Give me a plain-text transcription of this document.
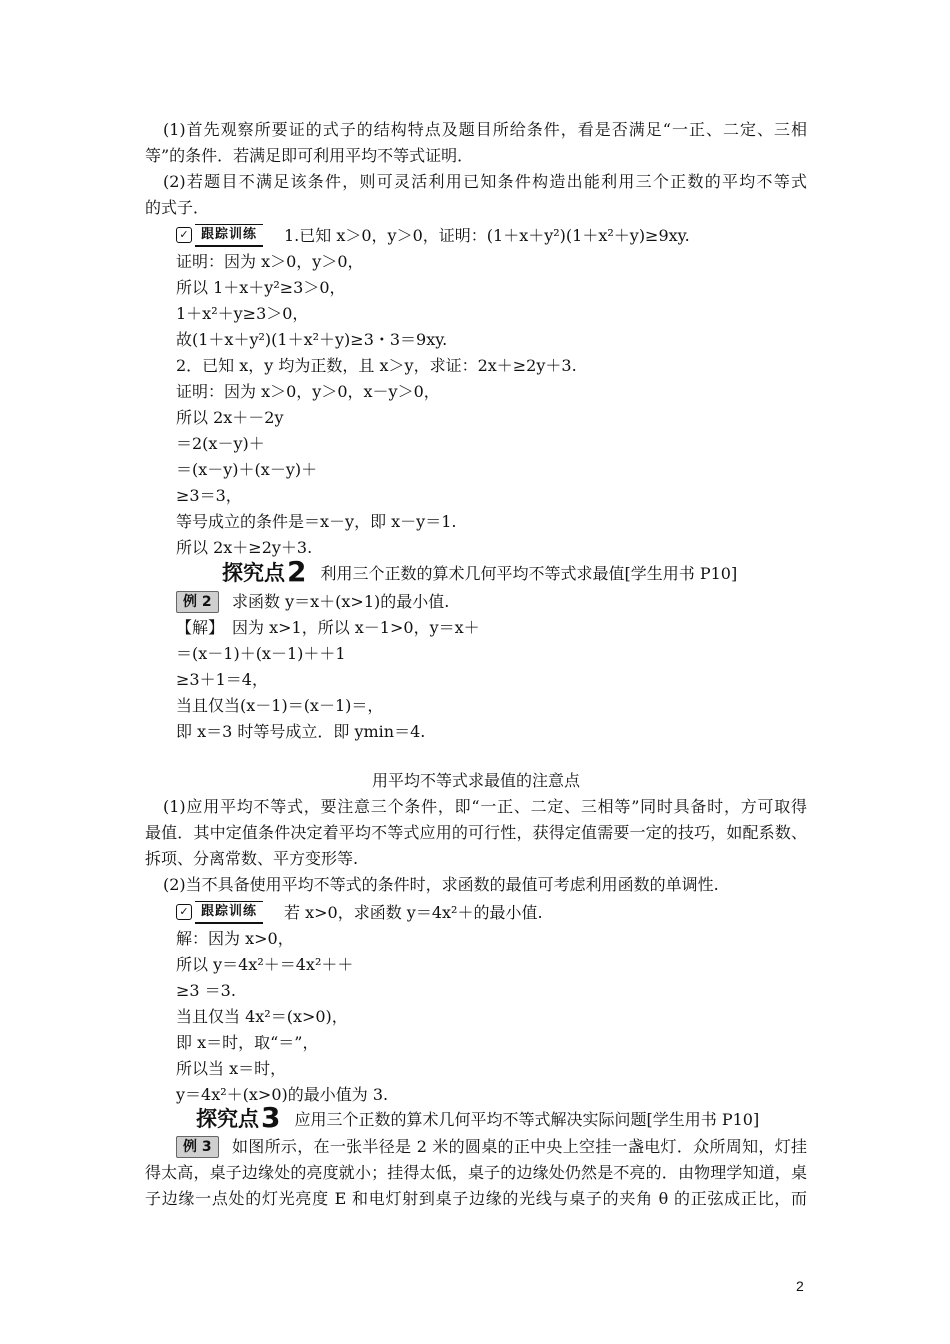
(1)首先观察所要证的式子的结构特点及题目所给条件，看是否满足“一正、二定、三相
等”的条件．若满足即可利用平均不等式证明．
(2)若题目不满足该条件，则可灵活利用已知条件构造出能利用三个正数的平均不等式
的式子．
✓ 跟踪训练	1.已知 x＞0，y＞0，证明：(1＋x＋y²)(1＋x²＋y)≥9xy.
证明：因为 x＞0，y＞0，
所以 1＋x＋y²≥3＞0，
1＋x²＋y≥3＞0，
故(1＋x＋y²)(1＋x²＋y)≥3・3＝9xy.
2．已知 x，y 均为正数，且 x＞y，求证：2x＋≥2y＋3.
证明：因为 x＞0，y＞0，x－y＞0，
所以 2x＋－2y
＝2(x－y)＋
＝(x－y)＋(x－y)＋
≥3＝3，
等号成立的条件是＝x－y，即 x－y＝1.
所以 2x＋≥2y＋3.
探究点 2 利用三个正数的算术几何平均不等式求最值[学生用书 P10]
例 2	求函数 y＝x＋(x>1)的最小值.
【解】　因为 x>1，所以 x－1>0，y＝x＋
＝(x－1)＋(x－1)＋＋1
≥3＋1＝4，
当且仅当(x－1)＝(x－1)＝，
即 x＝3 时等号成立．即 ymin＝4.
用平均不等式求最值的注意点
(1)应用平均不等式，要注意三个条件，即“一正、二定、三相等”同时具备时，方可取得
最值．其中定值条件决定着平均不等式应用的可行性，获得定值需要一定的技巧，如配系数、
拆项、分离常数、平方变形等.
(2)当不具备使用平均不等式的条件时，求函数的最值可考虑利用函数的单调性.
✓ 跟踪训练	若 x>0，求函数 y＝4x²＋的最小值.
解：因为 x>0，
所以 y＝4x²＋＝4x²＋＋
≥3 ＝3.
当且仅当 4x²＝(x>0)，
即 x＝时，取“＝”，
所以当 x＝时，
y＝4x²＋(x>0)的最小值为 3.
探究点 3 应用三个正数的算术几何平均不等式解决实际问题[学生用书 P10]
例 3	如图所示，在一张半径是 2 米的圆桌的正中央上空挂一盏电灯．众所周知，灯挂
得太高，桌子边缘处的亮度就小；挂得太低，桌子的边缘处仍然是不亮的．由物理学知道，桌
子边缘一点处的灯光亮度 E 和电灯射到桌子边缘的光线与桌子的夹角 θ 的正弦成正比，而
2
